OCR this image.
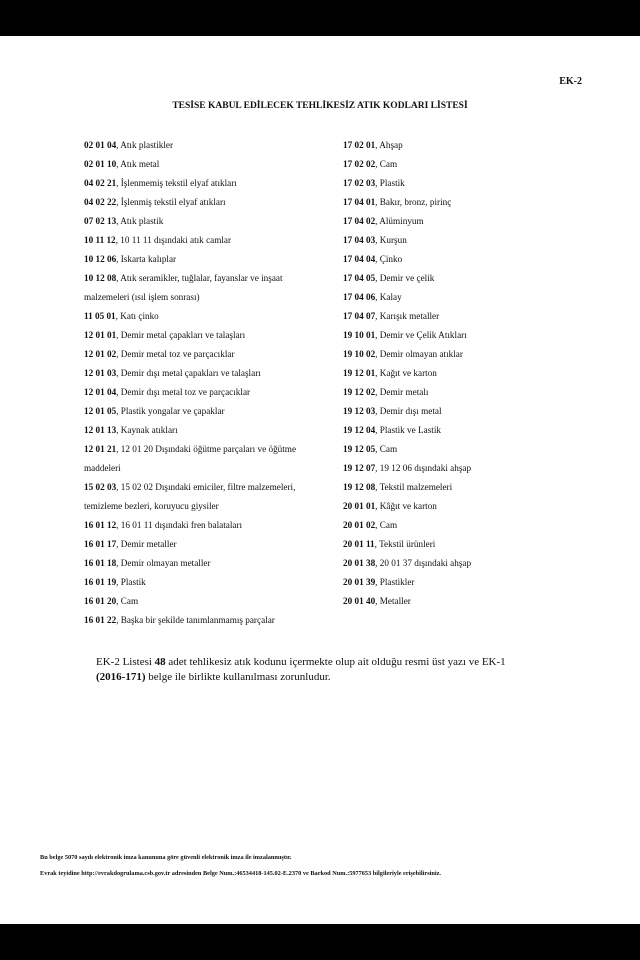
EK-2
TESİSE KABUL EDİLECEK TEHLİKESİZ ATIK KODLARI LİSTESİ
02 01 04, Atık plastikler
02 01 10, Atık metal
04 02 21, İşlenmemiş tekstil elyaf atıkları
04 02 22, İşlenmiş tekstil elyaf atıkları
07 02 13, Atık plastik
10 11 12, 10 11 11 dışındaki atık camlar
10 12 06, Iskarta kalıplar
10 12 08, Atık seramikler, tuğlalar, fayanslar ve inşaat
malzemeleri (ısıl işlem sonrası)
11 05 01, Katı çinko
12 01 01, Demir metal çapakları ve talaşları
12 01 02, Demir metal toz ve parçacıklar
12 01 03, Demir dışı metal çapakları ve talaşları
12 01 04, Demir dışı metal toz ve parçacıklar
12 01 05, Plastik yongalar ve çapaklar
12 01 13, Kaynak atıkları
12 01 21, 12 01 20 Dışındaki öğütme parçaları ve öğütme
maddeleri
15 02 03, 15 02 02 Dışındaki emiciler, filtre malzemeleri,
temizleme bezleri, koruyucu giysiler
16 01 12, 16 01 11 dışındaki fren balataları
16 01 17, Demir metaller
16 01 18, Demir olmayan metaller
16 01 19, Plastik
16 01 20, Cam
16 01 22, Başka bir şekilde tanımlanmamış parçalar
17 02 01, Ahşap
17 02 02, Cam
17 02 03, Plastik
17 04 01, Bakır, bronz, pirinç
17 04 02, Alüminyum
17 04 03, Kurşun
17 04 04, Çinko
17 04 05, Demir ve çelik
17 04 06, Kalay
17 04 07, Karışık metaller
19 10 01, Demir ve Çelik Atıkları
19 10 02, Demir olmayan atıklar
19 12 01, Kağıt ve karton
19 12 02, Demir metalı
19 12 03, Demir dışı metal
19 12 04, Plastik ve Lastik
19 12 05, Cam
19 12 07, 19 12 06 dışındaki ahşap
19 12 08, Tekstil malzemeleri
20 01 01, Kâğıt ve karton
20 01 02, Cam
20 01 11, Tekstil ürünleri
20 01 38, 20 01 37 dışındaki ahşap
20 01 39, Plastikler
20 01 40, Metaller
EK-2 Listesi 48 adet tehlikesiz atık kodunu içermekte olup ait olduğu resmi üst yazı ve EK-1 (2016-171) belge ile birlikte kullanılması zorunludur.
Bu belge 5070 sayılı elektronik imza kanununa göre güvenli elektronik imza ile imzalanmıştır.
Evrak teyidine http://evrakdogrulama.csb.gov.tr adresinden Belge Num.:46534418-145.02-E.2370 ve Barkod Num.:5977653 bilgileriyle erişebilirsiniz.
